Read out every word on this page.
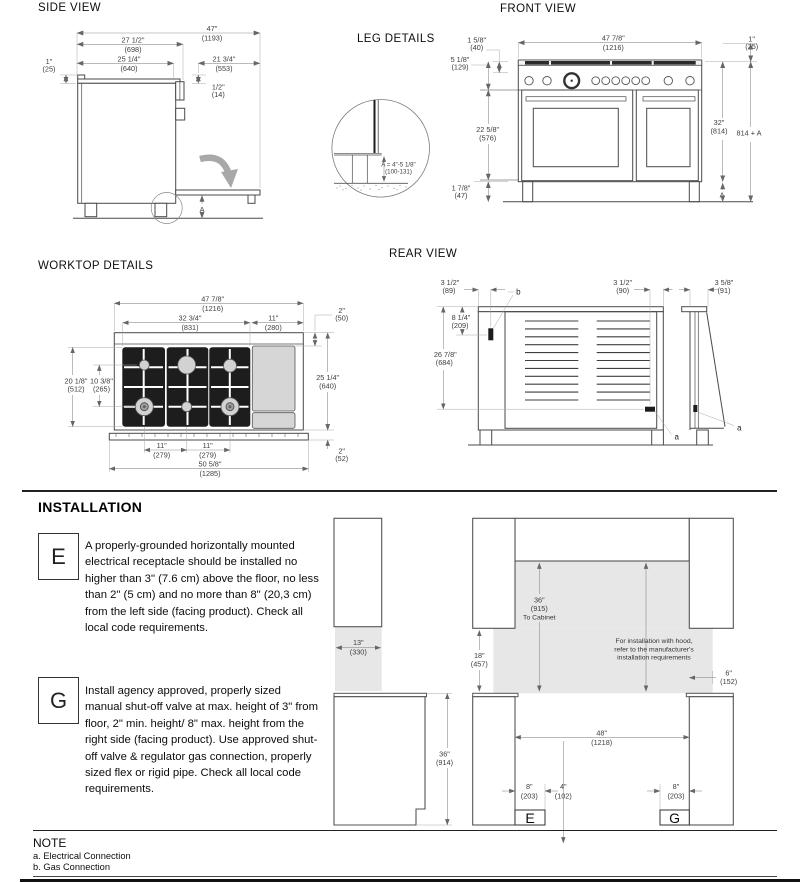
SIDE VIEW	FRONT VIEW
LEG DETAILS
WORKTOP DETAILS
REAR VIEW
47"
(1193)
27 1/2"
(698)
25 1/4"
(640)
21 3/4"
(553)
1"
(25)
1/2"
(14)
A
47 7/8"
(1216)
1"
(25)
32"
(814) 814 + A
A
1 5/8"
(40)
5 1/8"
(129)
22 5/8"
(576)
1 7/8"
(47)
A = 4"-5 1/8"
(100-131)
47 7/8"
(1216)
32 3/4"
(831)
11"
(280)
2"
(50)
25 1/4"
(640)
2"
(52)
20 1/8"
(512)
10 3/8"
(265)
11"
(279)
11"
(279)
50 5/8"
(1285)
3 1/2"
(89)	b
8 1/4"
(209)
26 7/8"
(684)
3 1/2"
(90)
3 5/8"
(91)
a
a
INSTALLATION
E A properly-grounded horizontally mounted electrical receptacle should be installed no higher than 3" (7.6 cm) above the floor, no less than 2" (5 cm) and no more than 8" (20,3 cm) from the left side (facing product). Check all local code requirements.
G Install agency approved, properly sized manual shut-off valve at max. height of 3" from floor, 2" min. height/ 8" max. height from the right side (facing product). Use approved shut-off valve & regulator gas connection, properly sized flex or rigid pipe. Check all local code requirements.
13"
(330)
36"
(914)
36"
(915)
To Cabinet
18"
(457)
For installation with hood,
refer to the manufacturer's
installation requirements
6"
(152)
48"
(1218)
8"
(203)
4"
(102)
8"
(203)
E	G
NOTE
a. Electrical Connection
b. Gas Connection
